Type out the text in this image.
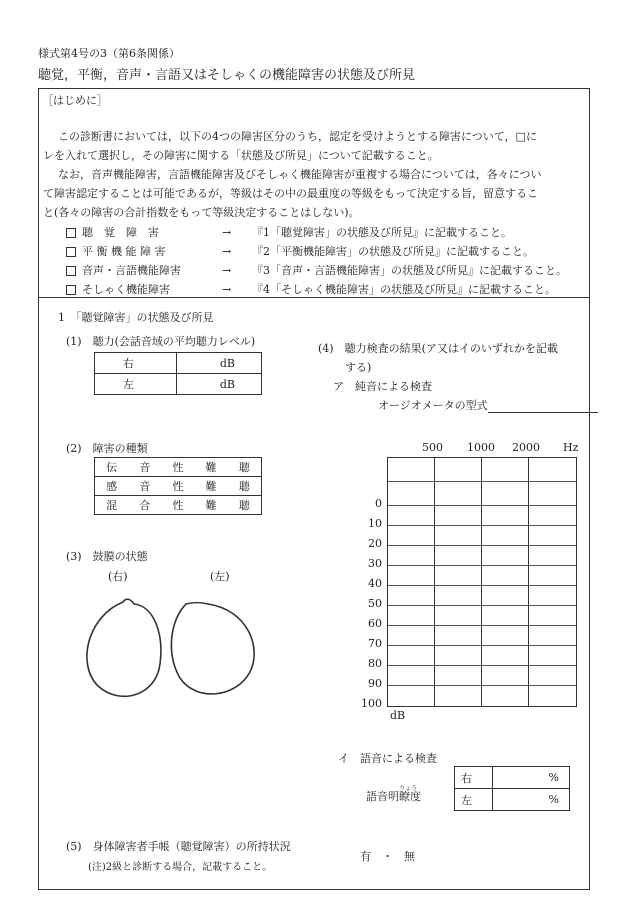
様式第4号の3（第6条関係）
聴覚，平衡，音声・言語又はそしゃくの機能障害の状態及び所見
［はじめに］
この診断書においては，以下の4つの障害区分のうち，認定を受けようとする障害について，□に
レを入れて選択し，その障害に関する「状態及び所見」について記載すること。
なお，音声機能障害，言語機能障害及びそしゃく機能障害が重複する場合については，各々につい
て障害認定することは可能であるが，等級はその中の最重度の等級をもって決定する旨，留意するこ
と(各々の障害の合計指数をもって等級決定することはしない)。
聴　覚　障　害	→ 『1「聴覚障害」の状態及び所見』に記載すること。
平 衡 機 能 障 害	→ 『2「平衡機能障害」の状態及び所見』に記載すること。
音声・言語機能障害	→ 『3「音声・言語機能障害」の状態及び所見』に記載すること。
そしゃく機能障害	→ 『4「そしゃく機能障害」の状態及び所見』に記載すること。
1　「聴覚障害」の状態及び所見
(1)　聴力(会話音域の平均聴力レベル)
右	dB
左	dB
(2)　障害の種類
伝	音	性	難	聴
感	音	性	難	聴
混	合	性	難	聴
(3)　鼓膜の状態
(右)	(左)
(4)　聴力検査の結果(ア又はイのいずれかを記載
する)
ア　純音による検査
オージオメータの型式
500 1000 2000 Hz
0
10
20
30
40
50
60
70
80
90
100
dB
イ　語音による検査
語音明瞭
りょう
度
右	%
左	%
(5)　身体障害者手帳（聴覚障害）の所持状況
(注)2級と診断する場合，記載すること。
有　・　無
